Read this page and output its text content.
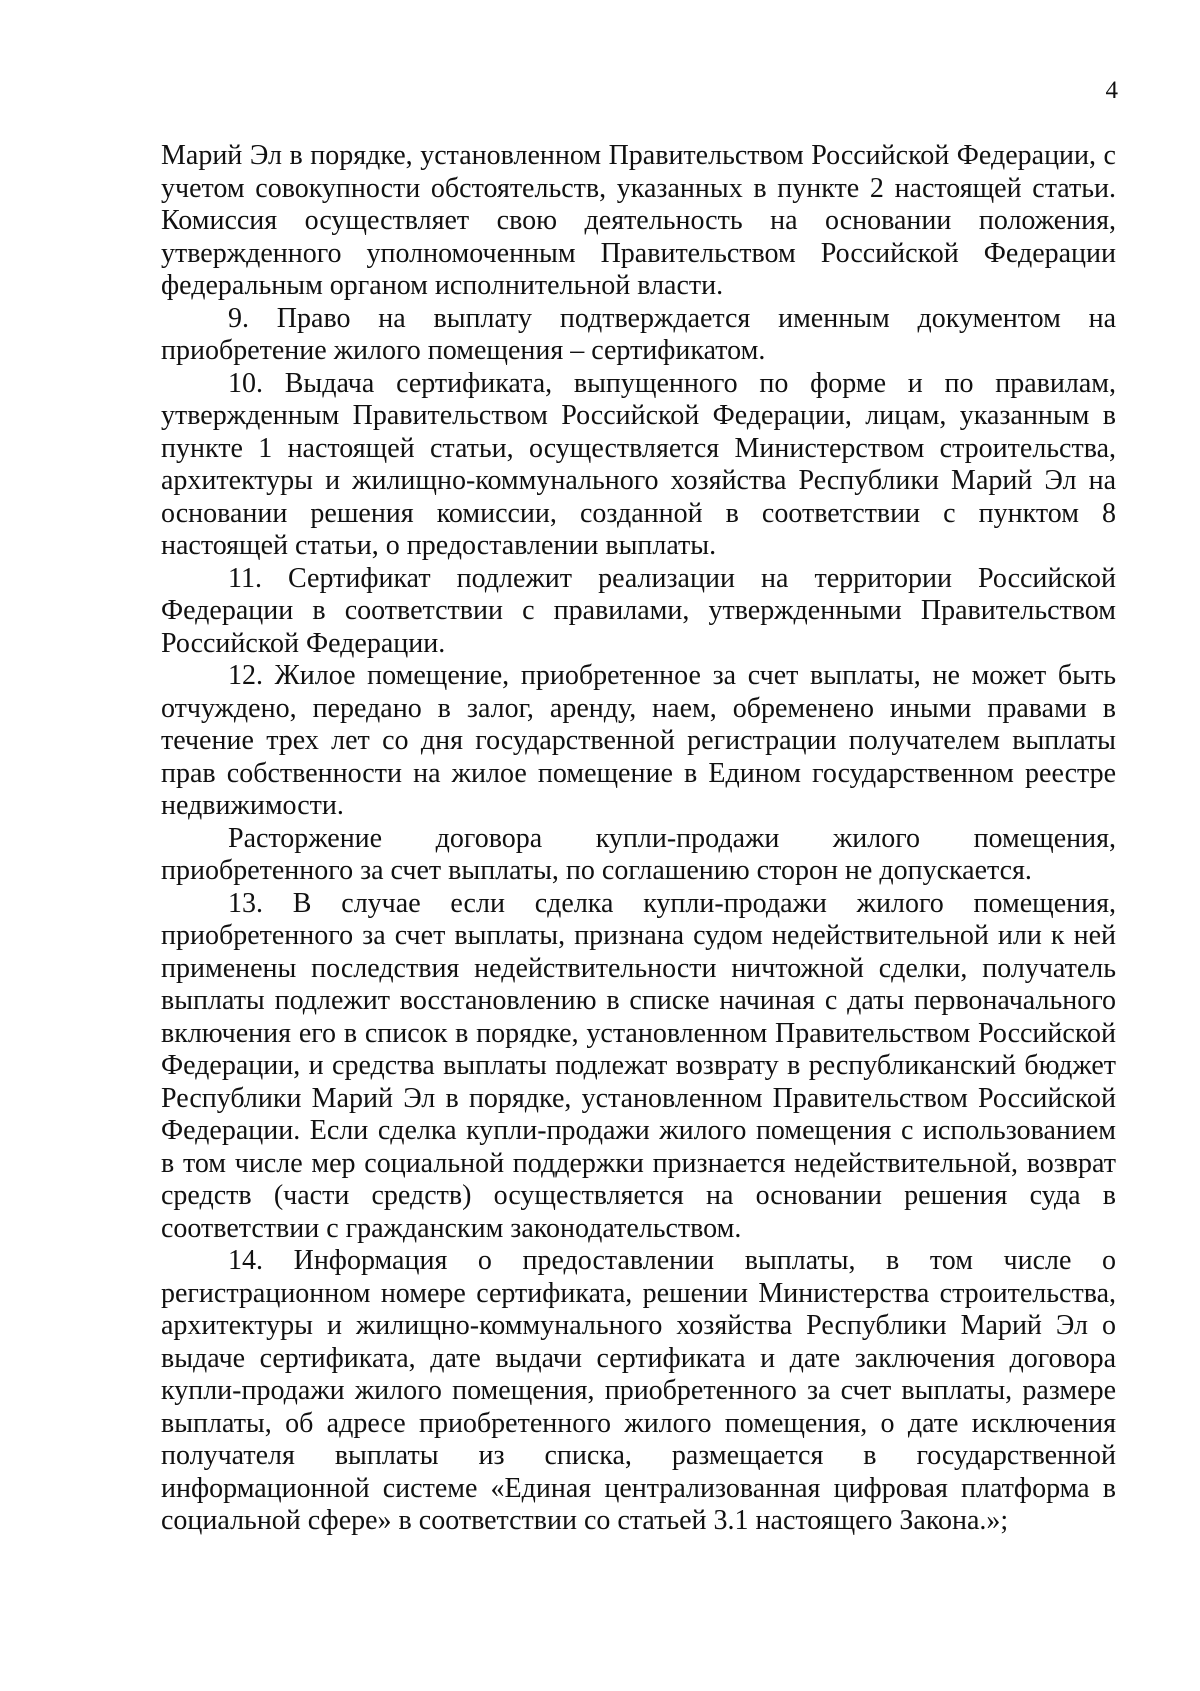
4

Марий Эл в порядке, установленном Правительством Российской Федерации, с учетом совокупности обстоятельств, указанных в пункте 2 настоящей статьи. Комиссия осуществляет свою деятельность на основании положения, утвержденного уполномоченным Правительством Российской Федерации федеральным органом исполнительной власти.

9. Право на выплату подтверждается именным документом на приобретение жилого помещения – сертификатом.

10. Выдача сертификата, выпущенного по форме и по правилам, утвержденным Правительством Российской Федерации, лицам, указанным в пункте 1 настоящей статьи, осуществляется Министерством строительства, архитектуры и жилищно-коммунального хозяйства Республики Марий Эл на основании решения комиссии, созданной в соответствии с пунктом 8 настоящей статьи, о предоставлении выплаты.

11. Сертификат подлежит реализации на территории Российской Федерации в соответствии с правилами, утвержденными Правительством Российской Федерации.

12. Жилое помещение, приобретенное за счет выплаты, не может быть отчуждено, передано в залог, аренду, наем, обременено иными правами в течение трех лет со дня государственной регистрации получателем выплаты прав собственности на жилое помещение в Едином государственном реестре недвижимости.

Расторжение договора купли-продажи жилого помещения, приобретенного за счет выплаты, по соглашению сторон не допускается.

13. В случае если сделка купли-продажи жилого помещения, приобретенного за счет выплаты, признана судом недействительной или к ней применены последствия недействительности ничтожной сделки, получатель выплаты подлежит восстановлению в списке начиная с даты первоначального включения его в список в порядке, установленном Правительством Российской Федерации, и средства выплаты подлежат возврату в республиканский бюджет Республики Марий Эл в порядке, установленном Правительством Российской Федерации. Если сделка купли-продажи жилого помещения с использованием в том числе мер социальной поддержки признается недействительной, возврат средств (части средств) осуществляется на основании решения суда в соответствии с гражданским законодательством.

14. Информация о предоставлении выплаты, в том числе о регистрационном номере сертификата, решении Министерства строительства, архитектуры и жилищно-коммунального хозяйства Республики Марий Эл о выдаче сертификата, дате выдачи сертификата и дате заключения договора купли-продажи жилого помещения, приобретенного за счет выплаты, размере выплаты, об адресе приобретенного жилого помещения, о дате исключения получателя выплаты из списка, размещается в государственной информационной системе «Единая централизованная цифровая платформа в социальной сфере» в соответствии со статьей 3.1 настоящего Закона.»;
